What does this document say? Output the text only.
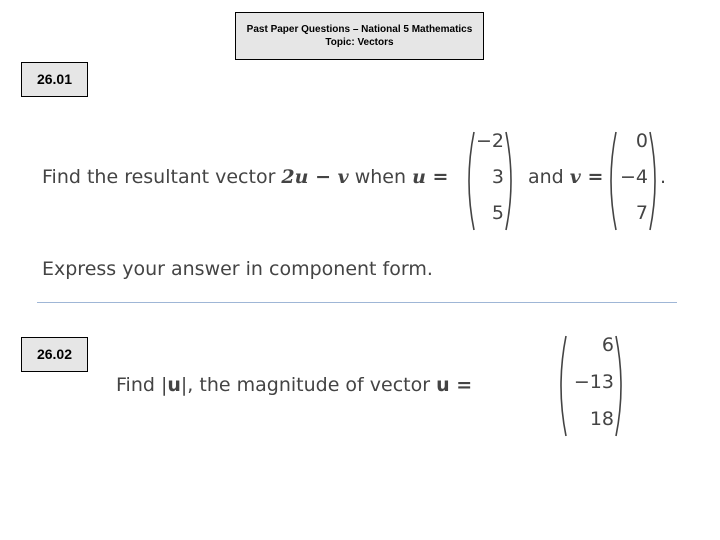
Past Paper Questions – National 5 Mathematics
Topic: Vectors
26.01
Find the resultant vector 2u − v when u =
−2
3
5
and v =
0
−4
7
.
Express your answer in component form.
26.02
Find |u|, the magnitude of vector u =
6
−13
18
